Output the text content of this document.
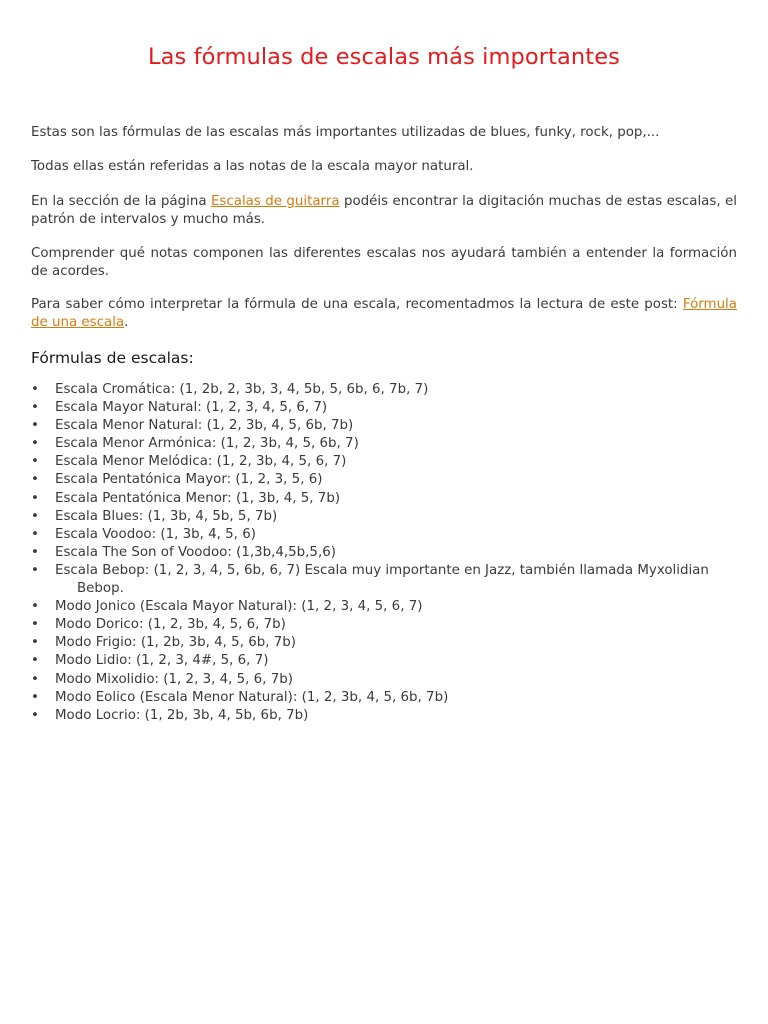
Las fórmulas de escalas más importantes

Estas son las fórmulas de las escalas más importantes utilizadas de blues, funky, rock, pop,...

Todas ellas están referidas a las notas de la escala mayor natural.

En la sección de la página Escalas de guitarra podéis encontrar la digitación muchas de estas escalas, el patrón de intervalos y mucho más.

Comprender qué notas componen las diferentes escalas nos ayudará también a entender la formación de acordes.

Para saber cómo interpretar la fórmula de una escala, recomentadmos la lectura de este post: Fórmula de una escala.

Fórmulas de escalas:
• Escala Cromática: (1, 2b, 2, 3b, 3, 4, 5b, 5, 6b, 6, 7b, 7)
• Escala Mayor Natural: (1, 2, 3, 4, 5, 6, 7)
• Escala Menor Natural: (1, 2, 3b, 4, 5, 6b, 7b)
• Escala Menor Armónica: (1, 2, 3b, 4, 5, 6b, 7)
• Escala Menor Melódica: (1, 2, 3b, 4, 5, 6, 7)
• Escala Pentatónica Mayor: (1, 2, 3, 5, 6)
• Escala Pentatónica Menor: (1, 3b, 4, 5, 7b)
• Escala Blues: (1, 3b, 4, 5b, 5, 7b)
• Escala Voodoo: (1, 3b, 4, 5, 6)
• Escala The Son of Voodoo: (1,3b,4,5b,5,6)
• Escala Bebop: (1, 2, 3, 4, 5, 6b, 6, 7) Escala muy importante en Jazz, también llamada Myxolidian Bebop.
• Modo Jonico (Escala Mayor Natural): (1, 2, 3, 4, 5, 6, 7)
• Modo Dorico: (1, 2, 3b, 4, 5, 6, 7b)
• Modo Frigio: (1, 2b, 3b, 4, 5, 6b, 7b)
• Modo Lidio: (1, 2, 3, 4#, 5, 6, 7)
• Modo Mixolidio: (1, 2, 3, 4, 5, 6, 7b)
• Modo Eolico (Escala Menor Natural): (1, 2, 3b, 4, 5, 6b, 7b)
• Modo Locrio: (1, 2b, 3b, 4, 5b, 6b, 7b)
